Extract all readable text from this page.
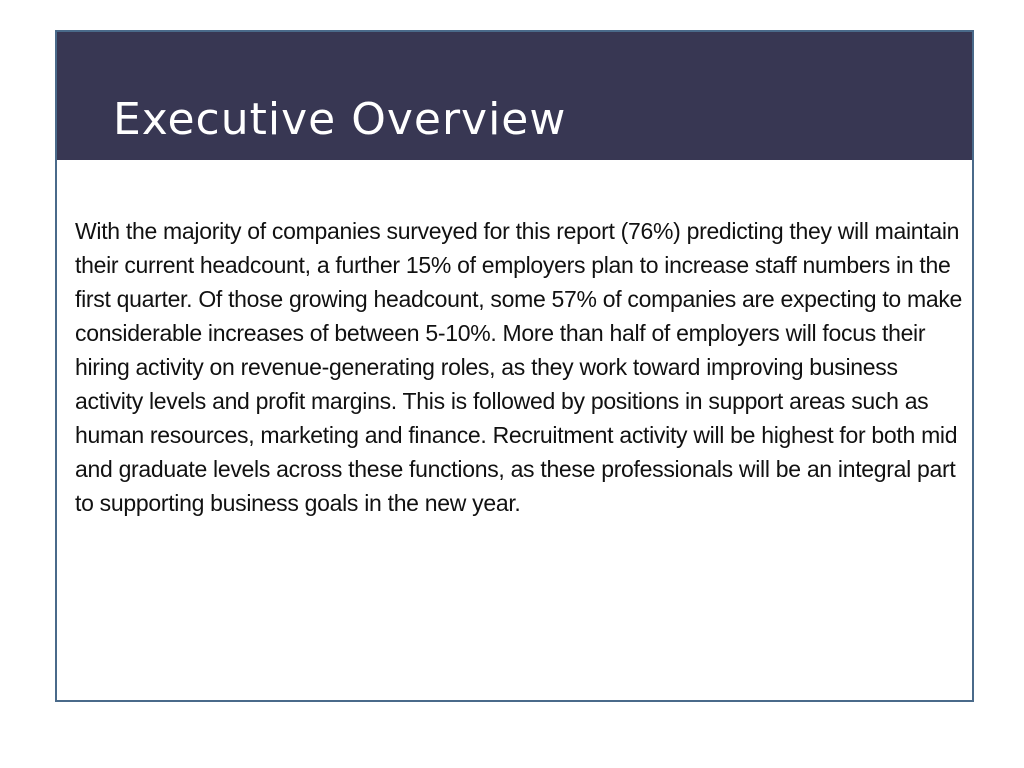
Executive Overview

With the majority of companies surveyed for this report (76%) predicting they will maintain their current headcount, a further 15% of employers plan to increase staff numbers in the first quarter. Of those growing headcount, some 57% of companies are expecting to make considerable increases of between 5-10%. More than half of employers will focus their hiring activity on revenue-generating roles, as they work toward improving business activity levels and profit margins. This is followed by positions in support areas such as human resources, marketing and finance. Recruitment activity will be highest for both mid and graduate levels across these functions, as these professionals will be an integral part to supporting business goals in the new year.
